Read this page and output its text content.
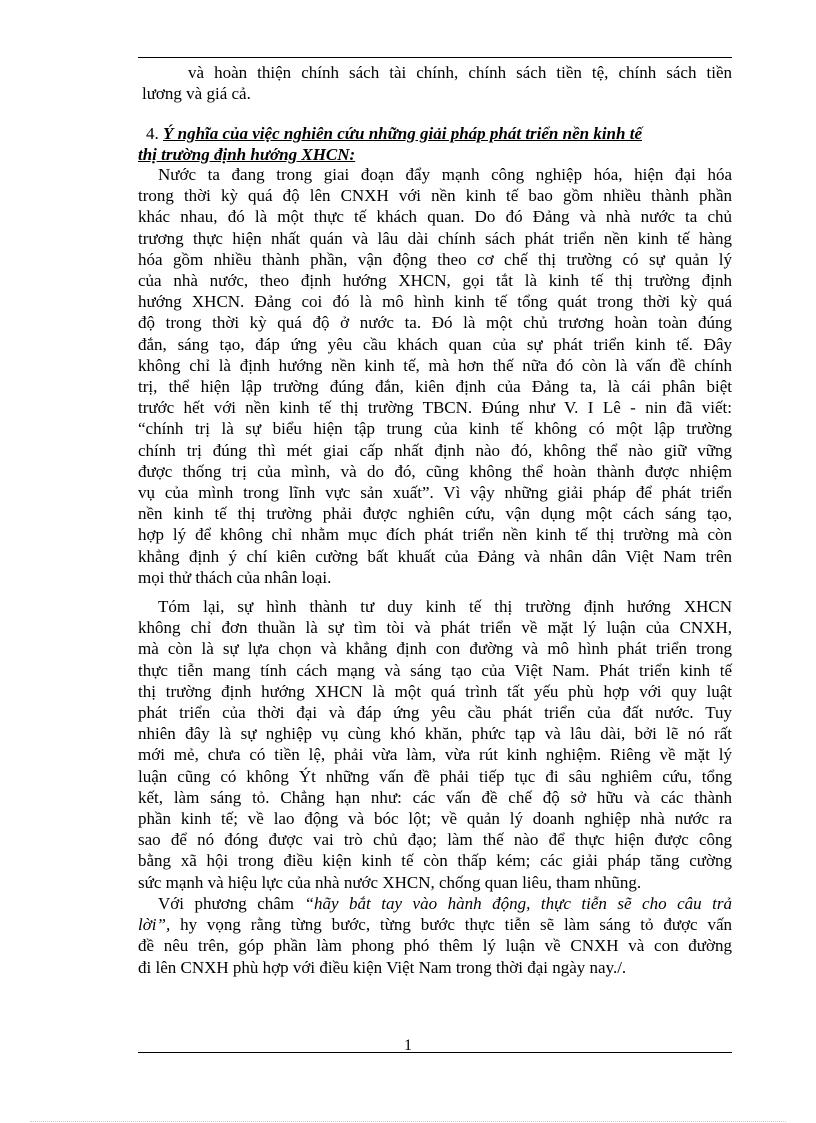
và hoàn thiện chính sách tài chính, chính sách tiền tệ, chính sách tiền
lương và giá cả.
4. Ý nghĩa của việc nghiên cứu những giải pháp phát triển nền kinh tế
thị trường định hướng XHCN:
Nước ta đang trong giai đoạn đẩy mạnh công nghiệp hóa, hiện đại hóa
trong thời kỳ quá độ lên CNXH với nền kinh tế bao gồm nhiều thành phần
khác nhau, đó là một thực tế khách quan. Do đó Đảng và nhà nước ta chủ
trương thực hiện nhất quán và lâu dài chính sách phát triển nền kinh tế hàng
hóa gồm nhiều thành phần, vận động theo cơ chế thị trường có sự quản lý
của nhà nước, theo định hướng XHCN, gọi tắt là kinh tế thị trường định
hướng XHCN. Đảng coi đó là mô hình kinh tế tổng quát trong thời kỳ quá
độ trong thời kỳ quá độ ở nước ta. Đó là một chủ trương hoàn toàn đúng
đắn, sáng tạo, đáp ứng yêu cầu khách quan của sự phát triển kinh tế. Đây
không chỉ là định hướng nền kinh tế, mà hơn thế nữa đó còn là vấn đề chính
trị, thể hiện lập trường đúng đắn, kiên định của Đảng ta, là cái phân biệt
trước hết với nền kinh tế thị trường TBCN. Đúng như V. I Lê - nin đã viết:
“chính trị là sự biểu hiện tập trung của kinh tế không có một lập trường
chính trị đúng thì mét giai cấp nhất định nào đó, không thể nào giữ vững
được thống trị của mình, và do đó, cũng không thể hoàn thành được nhiệm
vụ của mình trong lĩnh vực sản xuất”. Vì vậy những giải pháp để phát triển
nền kinh tế thị trường phải được nghiên cứu, vận dụng một cách sáng tạo,
hợp lý để không chỉ nhằm mục đích phát triển nền kinh tế thị trường mà còn
khẳng định ý chí kiên cường bất khuất của Đảng và nhân dân Việt Nam trên
mọi thử thách của nhân loại.
Tóm lại, sự hình thành tư duy kinh tế thị trường định hướng XHCN
không chỉ đơn thuần là sự tìm tòi và phát triển về mặt lý luận của CNXH,
mà còn là sự lựa chọn và khẳng định con đường và mô hình phát triển trong
thực tiễn mang tính cách mạng và sáng tạo của Việt Nam. Phát triển kinh tế
thị trường định hướng XHCN là một quá trình tất yếu phù hợp với quy luật
phát triển của thời đại và đáp ứng yêu cầu phát triển của đất nước. Tuy
nhiên đây là sự nghiệp vụ cùng khó khăn, phức tạp và lâu dài, bởi lẽ nó rất
mới mẻ, chưa có tiền lệ, phải vừa làm, vừa rút kinh nghiệm. Riêng về mặt lý
luận cũng có không Ýt những vấn đề phải tiếp tục đi sâu nghiêm cứu, tổng
kết, làm sáng tỏ. Chẳng hạn như: các vấn đề chế độ sở hữu và các thành
phần kinh tế; về lao động và bóc lột; về quản lý doanh nghiệp nhà nước ra
sao để nó đóng được vai trò chủ đạo; làm thế nào để thực hiện được công
bằng xã hội trong điều kiện kinh tế còn thấp kém; các giải pháp tăng cường
sức mạnh và hiệu lực của nhà nước XHCN, chống quan liêu, tham nhũng.
Với phương châm “hãy bắt tay vào hành động, thực tiễn sẽ cho câu trả
lời”, hy vọng rằng từng bước, từng bước thực tiễn sẽ làm sáng tỏ được vấn
đề nêu trên, góp phần làm phong phó thêm lý luận về CNXH và con đường
đi lên CNXH phù hợp với điều kiện Việt Nam trong thời đại ngày nay./.
1
